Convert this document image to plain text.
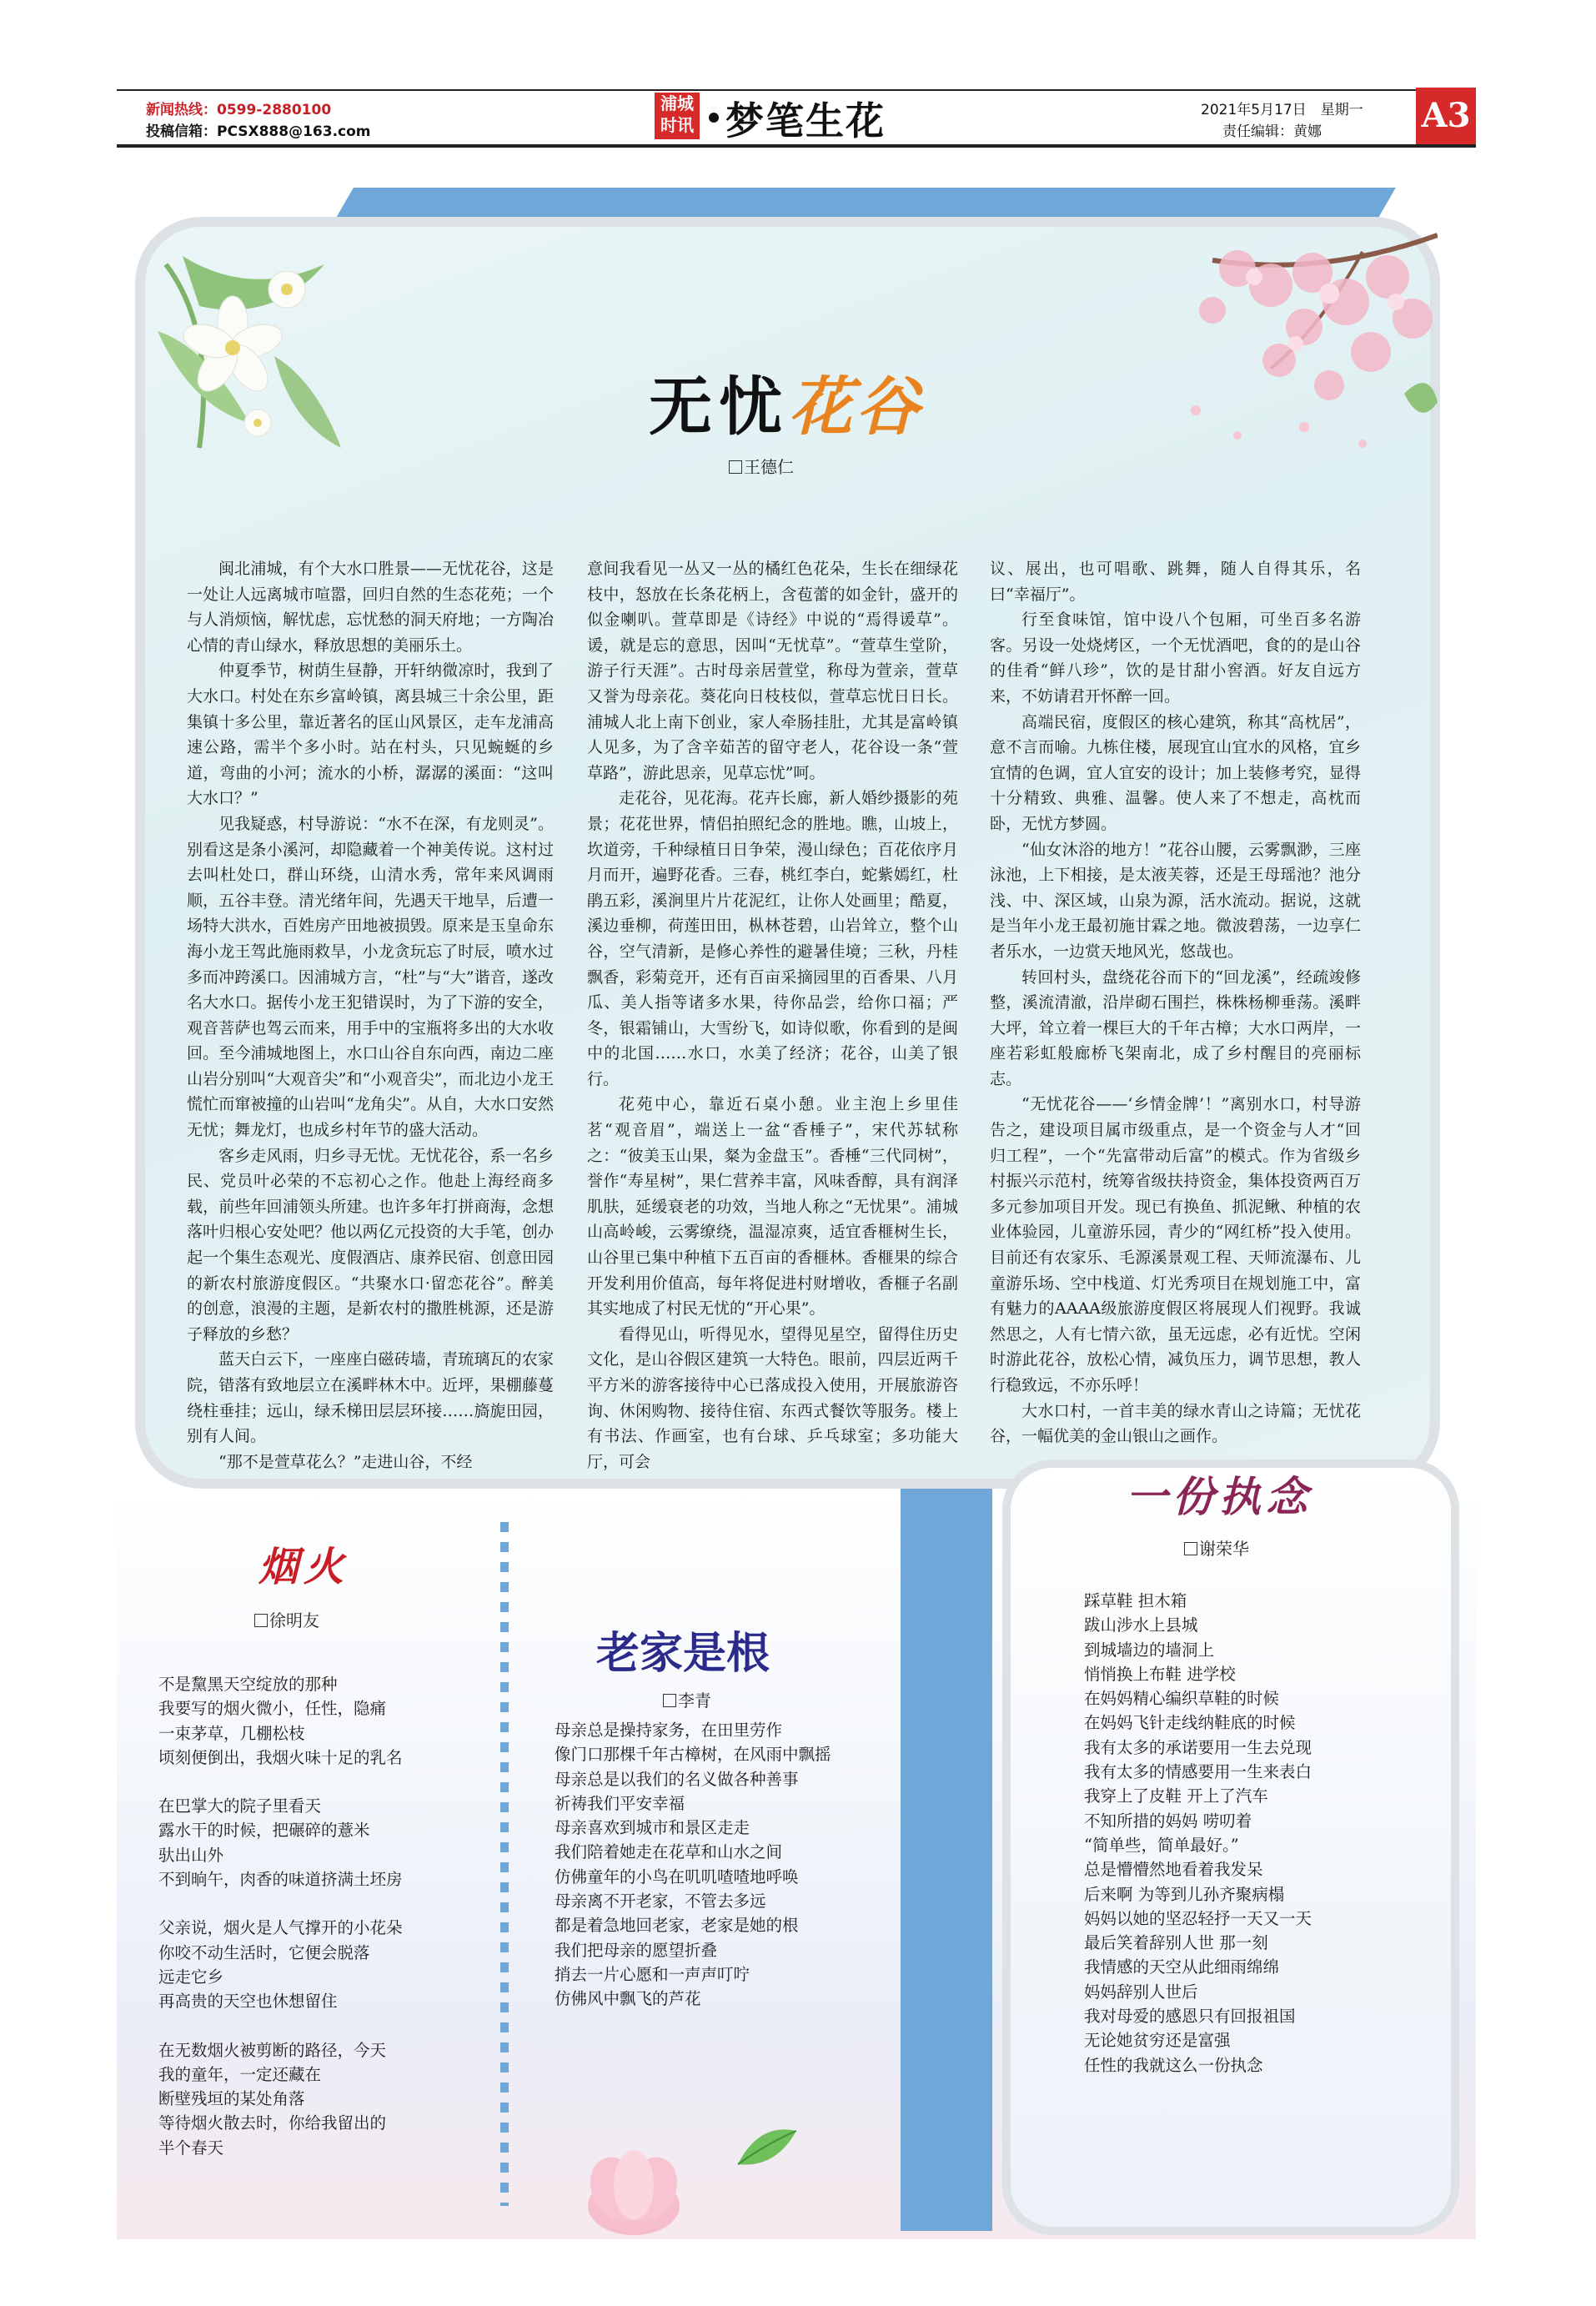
新闻热线：0599-2880100
投稿信箱：PCSX888@163.com
浦城
时讯 梦笔生花	2021年5月17日　星期一
责任编辑：黄娜	A3
无忧花谷
王德仁

闽北浦城，有个大水口胜景——无忧花谷，这是一处让人远离城市喧嚣，回归自然的生态花苑；一个与人消烦恼，解忧虑，忘忧愁的洞天府地；一方陶冶心情的青山绿水，释放思想的美丽乐土。

仲夏季节，树荫生昼静，开轩纳微凉时，我到了大水口。村处在东乡富岭镇，离县城三十余公里，距集镇十多公里，靠近著名的匡山风景区，走车龙浦高速公路，需半个多小时。站在村头，只见蜿蜒的乡道，弯曲的小河；流水的小桥，潺潺的溪面：“这叫大水口？”

见我疑惑，村导游说：“水不在深，有龙则灵”。别看这是条小溪河，却隐藏着一个神美传说。这村过去叫杜处口，群山环绕，山清水秀，常年来风调雨顺，五谷丰登。清光绪年间，先遇天干地旱，后遭一场特大洪水，百姓房产田地被损毁。原来是玉皇命东海小龙王驾此施雨救旱，小龙贪玩忘了时辰，喷水过多而冲跨溪口。因浦城方言，“杜”与“大”谐音，遂改名大水口。据传小龙王犯错误时，为了下游的安全，观音菩萨也驾云而来，用手中的宝瓶将多出的大水收回。至今浦城地图上，水口山谷自东向西，南边二座山岩分别叫“大观音尖”和“小观音尖”，而北边小龙王慌忙而窜被撞的山岩叫“龙角尖”。从自，大水口安然无忧；舞龙灯，也成乡村年节的盛大活动。

客乡走风雨，归乡寻无忧。无忧花谷，系一名乡民、党员叶必荣的不忘初心之作。他赴上海经商多载，前些年回浦领头所建。也许多年打拼商海，念想落叶归根心安处吧？他以两亿元投资的大手笔，创办起一个集生态观光、度假酒店、康养民宿、创意田园的新农村旅游度假区。“共聚水口·留恋花谷”。醉美的创意，浪漫的主题，是新农村的撒胜桃源，还是游子释放的乡愁？

蓝天白云下，一座座白磁砖墙，青琉璃瓦的农家院，错落有致地层立在溪畔林木中。近坪，果棚藤蔓绕柱垂挂；远山，绿禾梯田层层环接……旖旎田园，别有人间。

“那不是萱草花么？”走进山谷，不经

意间我看见一丛又一丛的橘红色花朵，生长在细绿花枝中，怒放在长条花柄上，含苞蕾的如金针，盛开的似金喇叭。萱草即是《诗经》中说的“焉得谖草”。谖，就是忘的意思，因叫“无忧草”。“萱草生堂阶，游子行天涯”。古时母亲居萱堂，称母为萱亲，萱草又誉为母亲花。葵花向日枝枝似，萱草忘忧日日长。浦城人北上南下创业，家人牵肠挂肚，尤其是富岭镇人见多，为了含辛茹苦的留守老人，花谷设一条“萱草路”，游此思亲，见草忘忧”呵。

走花谷，见花海。花卉长廊，新人婚纱摄影的苑景；花花世界，情侣拍照纪念的胜地。瞧，山坡上，坎道旁，千种绿植日日争荣，漫山绿色；百花依序月月而开，遍野花香。三春，桃红李白，蛇紫嫣红，杜鹃五彩，溪涧里片片花泥红，让你人处画里；酷夏，溪边垂柳，荷莲田田，枞林苍碧，山岩耸立，整个山谷，空气清新，是修心养性的避暑佳境；三秋，丹桂飘香，彩菊竞开，还有百亩采摘园里的百香果、八月瓜、美人指等诸多水果，待你品尝，给你口福；严冬，银霜铺山，大雪纷飞，如诗似歌，你看到的是闽中的北国……水口，水美了经济；花谷，山美了银行。

花苑中心，靠近石桌小憩。业主泡上乡里佳茗“观音眉”，端送上一盆“香棰子”，宋代苏轼称之：“彼美玉山果，粲为金盘玉”。香棰“三代同树”，誉作“寿星树”，果仁营养丰富，风味香醇，具有润泽肌肤，延缓衰老的功效，当地人称之“无忧果”。浦城山高岭峻，云雾缭绕，温湿凉爽，适宜香榧树生长，山谷里已集中种植下五百亩的香榧林。香榧果的综合开发利用价值高，每年将促进村财增收，香榧子名副其实地成了村民无忧的“开心果”。

看得见山，听得见水，望得见星空，留得住历史文化，是山谷假区建筑一大特色。眼前，四层近两千平方米的游客接待中心已落成投入使用，开展旅游咨询、休闲购物、接待住宿、东西式餐饮等服务。楼上有书法、作画室，也有台球、乒乓球室；多功能大厅，可会

议、展出，也可唱歌、跳舞，随人自得其乐，名曰“幸福厅”。

行至食味馆，馆中设八个包厢，可坐百多名游客。另设一处烧烤区，一个无忧酒吧，食的的是山谷的佳肴“鲜八珍”，饮的是甘甜小窖酒。好友自远方来，不妨请君开怀醉一回。

高端民宿，度假区的核心建筑，称其“高枕居”，意不言而喻。九栋住楼，展现宜山宜水的风格，宜乡宜情的色调，宜人宜安的设计；加上装修考究，显得十分精致、典雅、温馨。使人来了不想走，高枕而卧，无忧方梦圆。

“仙女沐浴的地方！”花谷山腰，云雾飘渺，三座泳池，上下相接，是太液芙蓉，还是王母瑶池？池分浅、中、深区域，山泉为源，活水流动。据说，这就是当年小龙王最初施甘霖之地。微波碧荡，一边享仁者乐水，一边赏天地风光，悠哉也。

转回村头，盘绕花谷而下的“回龙溪”，经疏竣修整，溪流清澈，沿岸砌石围拦，株株杨柳垂荡。溪畔大坪，耸立着一棵巨大的千年古樟；大水口两岸，一座若彩虹般廊桥飞架南北，成了乡村醒目的亮丽标志。

“无忧花谷——‘乡情金牌’！”离别水口，村导游告之，建设项目属市级重点，是一个资金与人才“回归工程”，一个“先富带动后富”的模式。作为省级乡村振兴示范村，统筹省级扶持资金，集体投资两百万多元参加项目开发。现已有换鱼、抓泥鳅、种植的农业体验园，儿童游乐园，青少的“网红桥”投入使用。目前还有农家乐、毛源溪景观工程、天师流瀑布、儿童游乐场、空中栈道、灯光秀项目在规划施工中，富有魅力的AAAA级旅游度假区将展现人们视野。我诚然思之，人有七情六欲，虽无远虑，必有近忧。空闲时游此花谷，放松心情，减负压力，调节思想，教人行稳致远，不亦乐呼！

大水口村，一首丰美的绿水青山之诗篇；无忧花谷，一幅优美的金山银山之画作。

烟火
徐明友
不是黧黑天空绽放的那种
我要写的烟火微小，任性，隐痛
一束茅草，几棚松枝
顷刻便倒出，我烟火味十足的乳名
在巴掌大的院子里看天
露水干的时候，把碾碎的薏米
驮出山外
不到晌午，肉香的味道挤满土坯房
父亲说，烟火是人气撑开的小花朵
你咬不动生活时，它便会脱落
远走它乡
再高贵的天空也休想留住
在无数烟火被剪断的路径，今天
我的童年，一定还藏在
断壁残垣的某处角落
等待烟火散去时，你给我留出的
半个春天
老家是根
李青
母亲总是操持家务，在田里劳作
像门口那棵千年古樟树，在风雨中飘摇
母亲总是以我们的名义做各种善事
祈祷我们平安幸福
母亲喜欢到城市和景区走走
我们陪着她走在花草和山水之间
仿佛童年的小鸟在叽叽喳喳地呼唤
母亲离不开老家，不管去多远
都是着急地回老家，老家是她的根
我们把母亲的愿望折叠
捎去一片心愿和一声声叮咛
仿佛风中飘飞的芦花
一份执念
谢荣华
踩草鞋 担木箱
跋山涉水上县城
到城墙边的墙洞上
悄悄换上布鞋 进学校
在妈妈精心编织草鞋的时候
在妈妈飞针走线纳鞋底的时候
我有太多的承诺要用一生去兑现
我有太多的情感要用一生来表白
我穿上了皮鞋 开上了汽车
不知所措的妈妈 唠叨着
“简单些，简单最好。”
总是懵懵然地看着我发呆
后来啊 为等到儿孙齐聚病榻
妈妈以她的坚忍轻抒一天又一天
最后笑着辞别人世 那一刻
我情感的天空从此细雨绵绵
妈妈辞别人世后
我对母爱的感恩只有回报祖国
无论她贫穷还是富强
任性的我就这么一份执念
